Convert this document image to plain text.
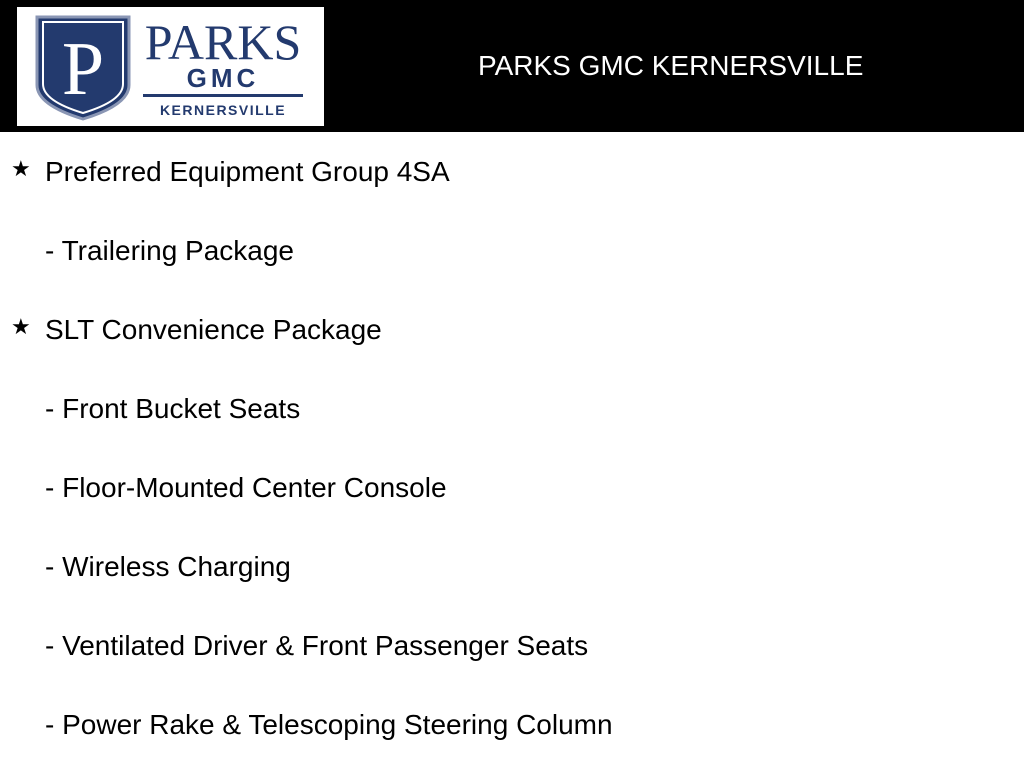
P PARKS
GMC
KERNERSVILLE
PARKS GMC KERNERSVILLE
★ Preferred Equipment Group 4SA
- Trailering Package
★ SLT Convenience Package
- Front Bucket Seats
- Floor-Mounted Center Console
- Wireless Charging
- Ventilated Driver & Front Passenger Seats
- Power Rake & Telescoping Steering Column
